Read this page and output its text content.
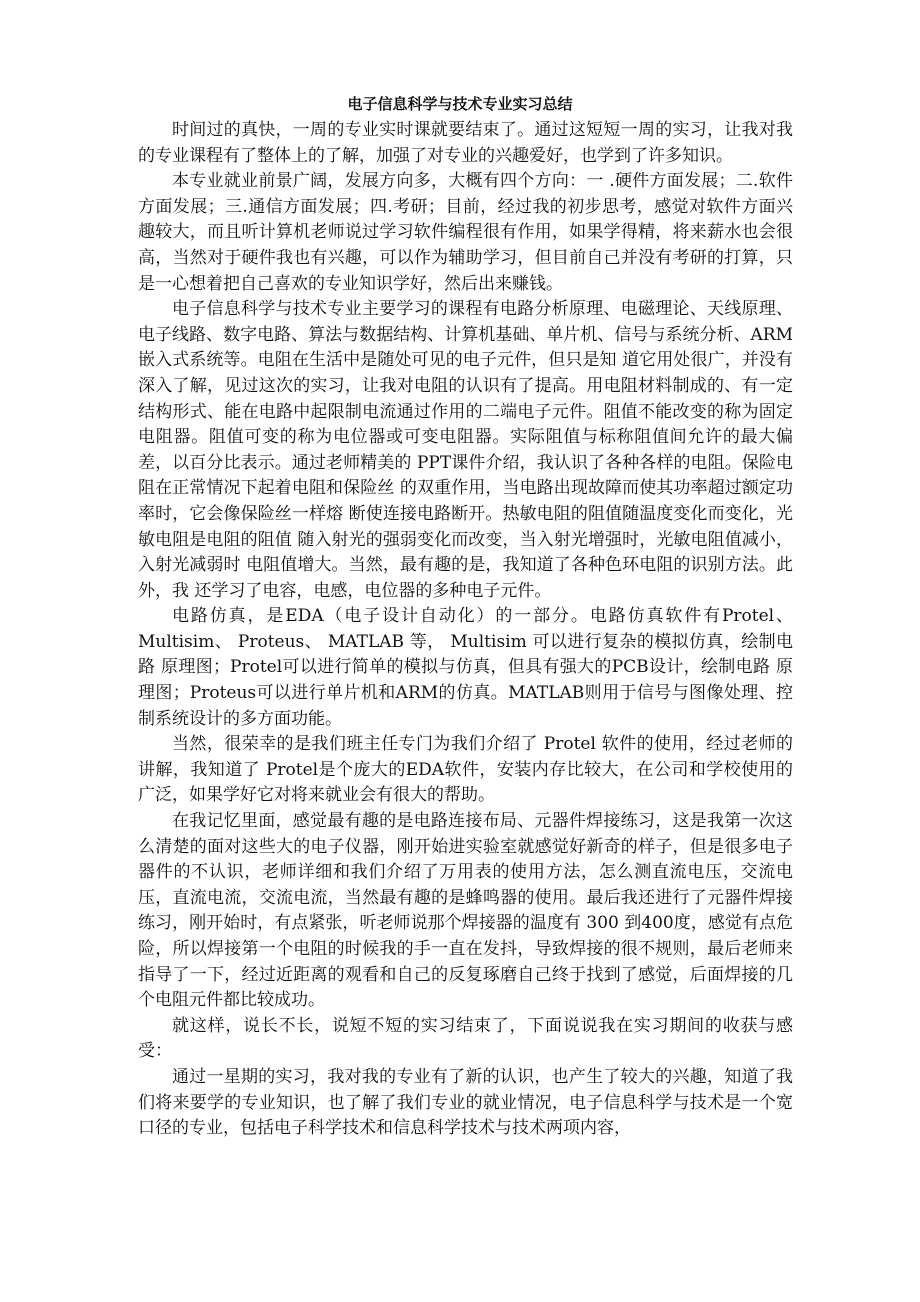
电子信息科学与技术专业实习总结

时间过的真快，一周的专业实时课就要结束了。通过这短短一周的实习，让我对我的专业课程有了整体上的了解，加强了对专业的兴趣爱好，也学到了许多知识。

本专业就业前景广阔，发展方向多，大概有四个方向：一 .硬件方面发展；二.软件方面发展；三.通信方面发展；四.考研；目前，经过我的初步思考，感觉对软件方面兴趣较大，而且听计算机老师说过学习软件编程很有作用，如果学得精，将来薪水也会很高，当然对于硬件我也有兴趣，可以作为辅助学习，但目前自己并没有考研的打算，只是一心想着把自己喜欢的专业知识学好，然后出来赚钱。

电子信息科学与技术专业主要学习的课程有电路分析原理、电磁理论、天线原理、电子线路、数字电路、算法与数据结构、计算机基础、单片机、信号与系统分析、ARM嵌入式系统等。电阻在生活中是随处可见的电子元件，但只是知 道它用处很广，并没有深入了解，见过这次的实习，让我对电阻的认识有了提高。用电阻材料制成的、有一定结构形式、能在电路中起限制电流通过作用的二端电子元件。阻值不能改变的称为固定电阻器。阻值可变的称为电位器或可变电阻器。实际阻值与标称阻值间允许的最大偏差，以百分比表示。通过老师精美的 PPT课件介绍，我认识了各种各样的电阻。保险电阻在正常情况下起着电阻和保险丝 的双重作用，当电路出现故障而使其功率超过额定功率时，它会像保险丝一样熔 断使连接电路断开。热敏电阻的阻值随温度变化而变化，光敏电阻是电阻的阻值 随入射光的强弱变化而改变，当入射光增强时，光敏电阻值减小，入射光减弱时 电阻值增大。当然，最有趣的是，我知道了各种色环电阻的识别方法。此外，我 还学习了电容，电感，电位器的多种电子元件。

电路仿真，是EDA（电子设计自动化）的一部分。电路仿真软件有Protel、Multisim、 Proteus、 MATLAB 等， Multisim 可以进行复杂的模拟仿真，绘制电路 原理图；Protel可以进行简单的模拟与仿真，但具有强大的PCB设计，绘制电路 原理图；Proteus可以进行单片机和ARM的仿真。MATLAB则用于信号与图像处理、控制系统设计的多方面功能。

当然，很荣幸的是我们班主任专门为我们介绍了 Protel 软件的使用，经过老师的讲解，我知道了 Protel是个庞大的EDA软件，安装内存比较大，在公司和学校使用的广泛，如果学好它对将来就业会有很大的帮助。

在我记忆里面，感觉最有趣的是电路连接布局、元器件焊接练习，这是我第一次这么清楚的面对这些大的电子仪器，刚开始进实验室就感觉好新奇的样子，但是很多电子器件的不认识，老师详细和我们介绍了万用表的使用方法，怎么测直流电压，交流电压，直流电流，交流电流，当然最有趣的是蜂鸣器的使用。最后我还进行了元器件焊接练习，刚开始时，有点紧张，听老师说那个焊接器的温度有 300 到400度，感觉有点危险，所以焊接第一个电阻的时候我的手一直在发抖，导致焊接的很不规则，最后老师来指导了一下，经过近距离的观看和自己的反复琢磨自己终于找到了感觉，后面焊接的几个电阻元件都比较成功。

就这样，说长不长，说短不短的实习结束了，下面说说我在实习期间的收获与感受：

通过一星期的实习，我对我的专业有了新的认识，也产生了较大的兴趣，知道了我们将来要学的专业知识，也了解了我们专业的就业情况，电子信息科学与技术是一个宽口径的专业，包括电子科学技术和信息科学技术与技术两项内容，
